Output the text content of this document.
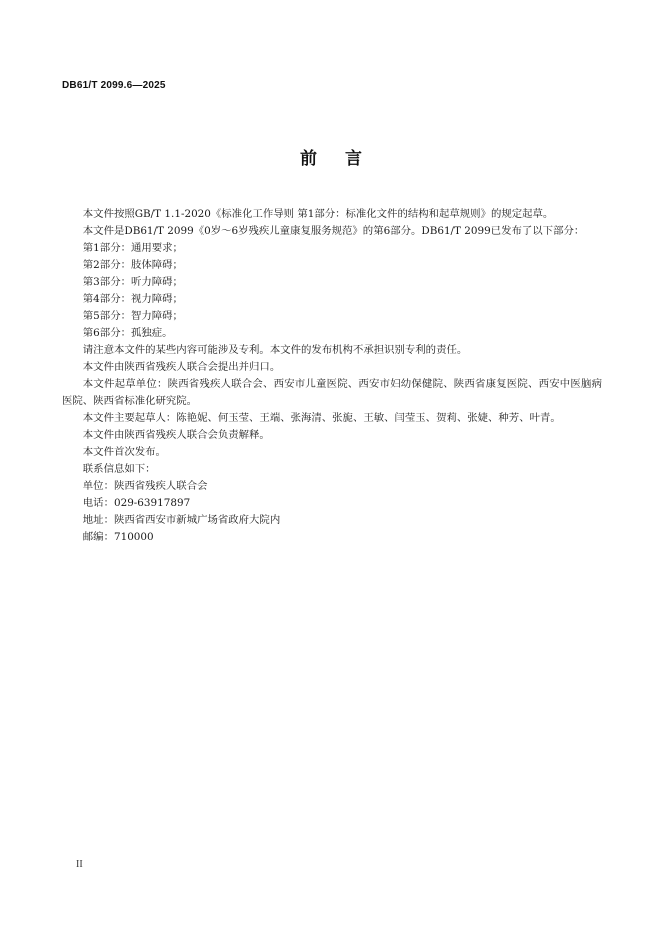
DB61/T 2099.6—2025
前言

本文件按照GB/T 1.1-2020《标准化工作导则 第1部分：标准化文件的结构和起草规则》的规定起草。

本文件是DB61/T 2099《0岁～6岁残疾儿童康复服务规范》的第6部分。DB61/T 2099已发布了以下部分：

第1部分：通用要求；

第2部分：肢体障碍；

第3部分：听力障碍；

第4部分：视力障碍；

第5部分：智力障碍；

第6部分：孤独症。

请注意本文件的某些内容可能涉及专利。本文件的发布机构不承担识别专利的责任。

本文件由陕西省残疾人联合会提出并归口。

本文件起草单位：陕西省残疾人联合会、西安市儿童医院、西安市妇幼保健院、陕西省康复医院、西安中医脑病医院、陕西省标准化研究院。

本文件主要起草人：陈艳妮、何玉莹、王端、张海清、张旎、王敏、闫莹玉、贺莉、张婕、种芳、叶青。

本文件由陕西省残疾人联合会负责解释。

本文件首次发布。

联系信息如下：

单位：陕西省残疾人联合会

电话：029-63917897

地址：陕西省西安市新城广场省政府大院内

邮编：710000

II
